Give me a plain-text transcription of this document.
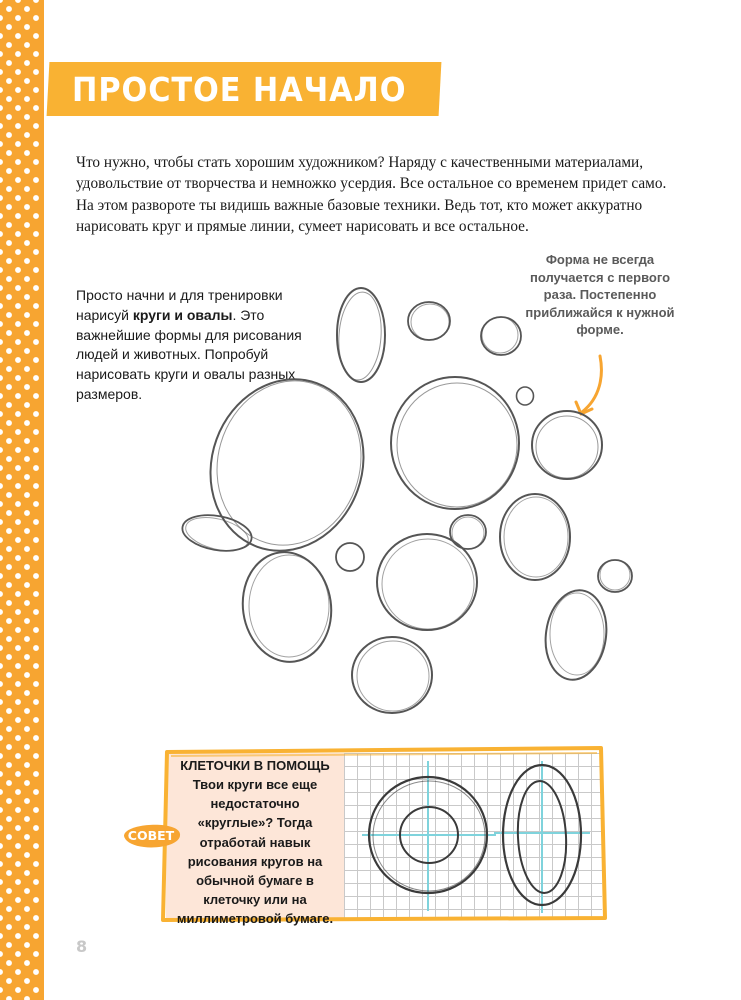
ПРОСТОЕ НАЧАЛО

Что нужно, чтобы стать хорошим художником? Наряду с качественными материалами, удовольствие от творчества и немножко усердия. Все остальное со временем придет само. На этом развороте ты видишь важные базовые техники. Ведь тот, кто может аккуратно нарисовать круг и прямые линии, сумеет нарисовать и все остальное.

Просто начни и для тренировки нарисуй круги и овалы. Это важнейшие формы для рисования людей и животных. Попробуй нарисовать круги и овалы разных размеров.

Форма не всегда получается с первого раза. Постепенно приближайся к нужной форме.

КЛЕТОЧКИ В ПОМОЩЬ

Твои круги все еще недостаточно «круглые»? Тогда отработай навык рисования кругов на обычной бумаге в клеточку или на миллиметровой бумаге.

СОВЕТ

8
